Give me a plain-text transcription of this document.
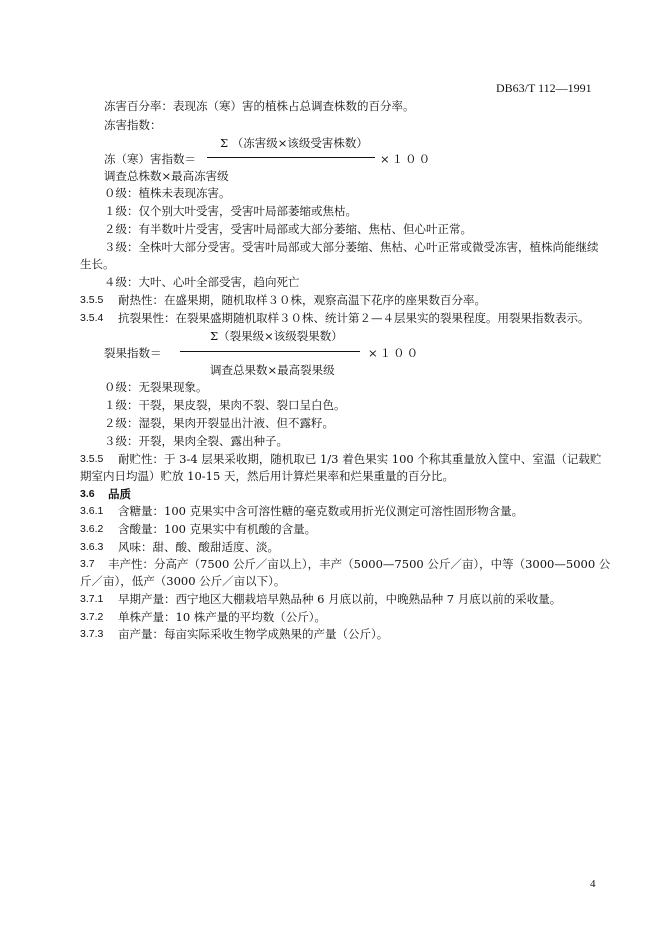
DB63/T 112—1991
冻害百分率：表现冻（寒）害的植株占总调查株数的百分率。
冻害指数：
Σ （冻害级×该级受害株数）
冻（寒）害指数＝	×１００
调查总株数×最高冻害级
０级：植株未表现冻害。
１级：仅个别大叶受害，受害叶局部萎缩或焦枯。
２级：有半数叶片受害，受害叶局部或大部分萎缩、焦枯、但心叶正常。
３级：全株叶大部分受害。受害叶局部或大部分萎缩、焦枯、心叶正常或微受冻害，植株尚能继续
生长。
４级：大叶、心叶全部受害，趋向死亡
3.5.5 耐热性：在盛果期，随机取样３０株，观察高温下花序的座果数百分率。
3.5.4 抗裂果性：在裂果盛期随机取样３０株、统计第２—４层果实的裂果程度。用裂果指数表示。
Σ（裂果级×该级裂果数）
裂果指数＝	×１００
调查总果数×最高裂果级
０级：无裂果现象。
１级：干裂，果皮裂，果肉不裂、裂口呈白色。
２级：湿裂，果肉开裂显出汁液、但不露籽。
３级：开裂，果肉全裂、露出种子。
3.5.5 耐贮性：于 3-4 层果采收期，随机取已 1/3 着色果实 100 个称其重量放入筐中、室温（记载贮
期室内日均温）贮放 10-15 天，然后用计算烂果率和烂果重量的百分比。
3.6 品质
3.6.1 含糖量：100 克果实中含可溶性糖的毫克数或用折光仪测定可溶性固形物含量。
3.6.2 含酸量：100 克果实中有机酸的含量。
3.6.3 风味：甜、酸、酸甜适度、淡。
3.7 丰产性：分高产（7500 公斤／亩以上），丰产（5000—7500 公斤／亩），中等（3000—5000 公
斤／亩），低产（3000 公斤／亩以下）。
3.7.1 早期产量：西宁地区大棚栽培早熟品种 6 月底以前，中晚熟品种 7 月底以前的采收量。
3.7.2 单株产量：10 株产量的平均数（公斤）。
3.7.3 亩产量：每亩实际采收生物学成熟果的产量（公斤）。
4
